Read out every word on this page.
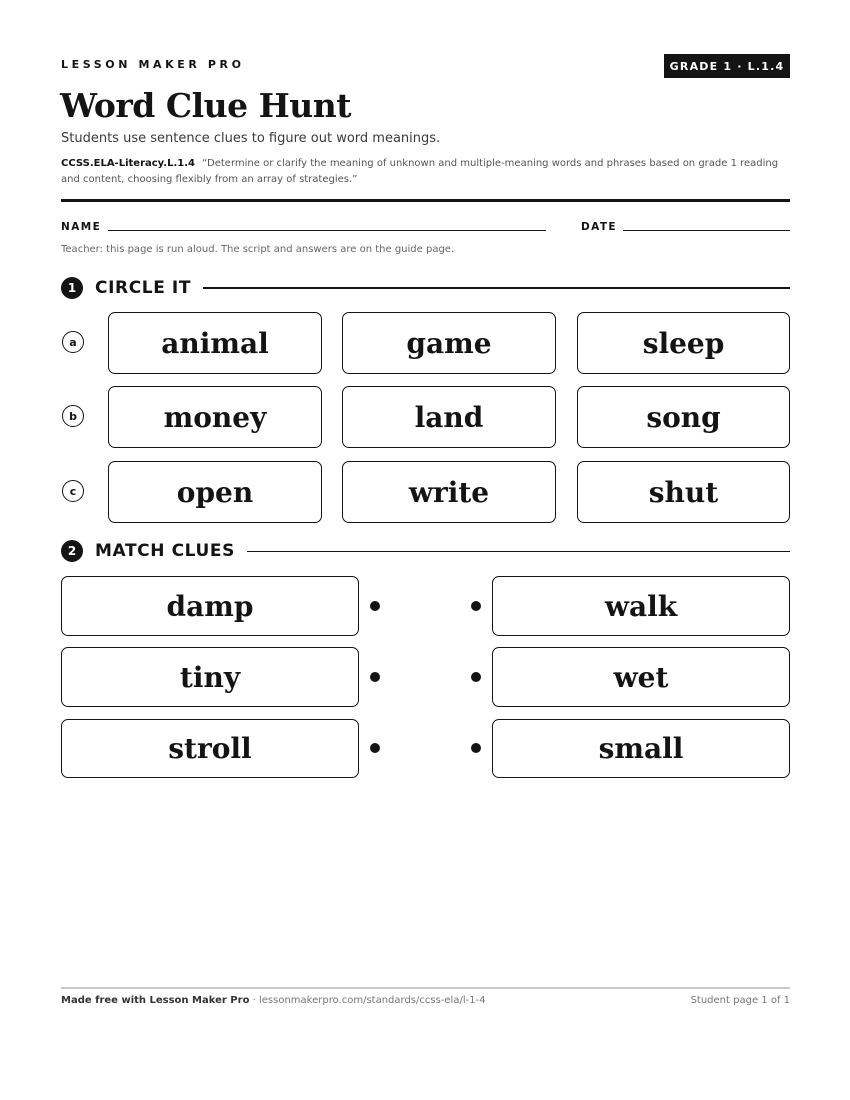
LESSON MAKER PRO	GRADE 1 · L.1.4
Word Clue Hunt
Students use sentence clues to figure out word meanings.
CCSS.ELA-Literacy.L.1.4 “Determine or clarify the meaning of unknown and multiple-meaning words and phrases based on grade 1 reading and content, choosing flexibly from an array of strategies.”
NAME	DATE
Teacher: this page is run aloud. The script and answers are on the guide page.
1	CIRCLE IT
a	animal	game	sleep
b	money	land	song
c	open	write	shut
2	MATCH CLUES
damp	walk
tiny	wet
stroll	small
Made free with Lesson Maker Pro · lessonmakerpro.com/standards/ccss-ela/l-1-4	Student page 1 of 1
